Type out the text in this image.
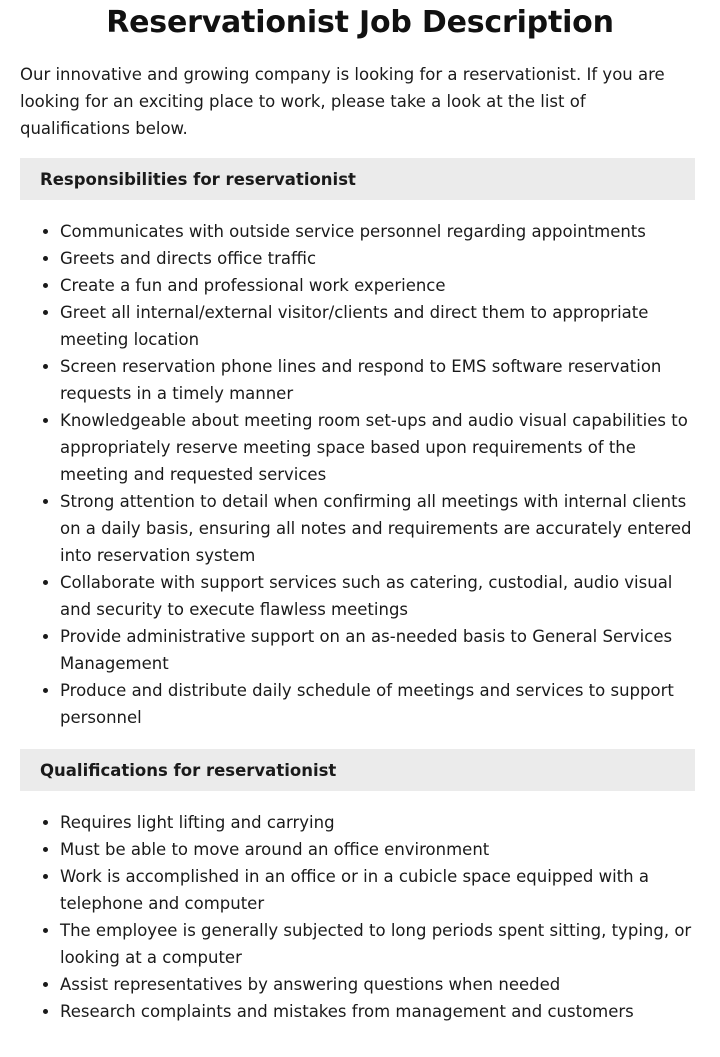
Reservationist Job Description

Our innovative and growing company is looking for a reservationist. If you are looking for an exciting place to work, please take a look at the list of qualifications below.

Responsibilities for reservationist
• Communicates with outside service personnel regarding appointments
• Greets and directs office traffic
• Create a fun and professional work experience
• Greet all internal/external visitor/clients and direct them to appropriate meeting location
• Screen reservation phone lines and respond to EMS software reservation requests in a timely manner
• Knowledgeable about meeting room set-ups and audio visual capabilities to appropriately reserve meeting space based upon requirements of the meeting and requested services
• Strong attention to detail when confirming all meetings with internal clients on a daily basis, ensuring all notes and requirements are accurately entered into reservation system
• Collaborate with support services such as catering, custodial, audio visual and security to execute flawless meetings
• Provide administrative support on an as-needed basis to General Services Management
• Produce and distribute daily schedule of meetings and services to support personnel
Qualifications for reservationist
• Requires light lifting and carrying
• Must be able to move around an office environment
• Work is accomplished in an office or in a cubicle space equipped with a telephone and computer
• The employee is generally subjected to long periods spent sitting, typing, or looking at a computer
• Assist representatives by answering questions when needed
• Research complaints and mistakes from management and customers
